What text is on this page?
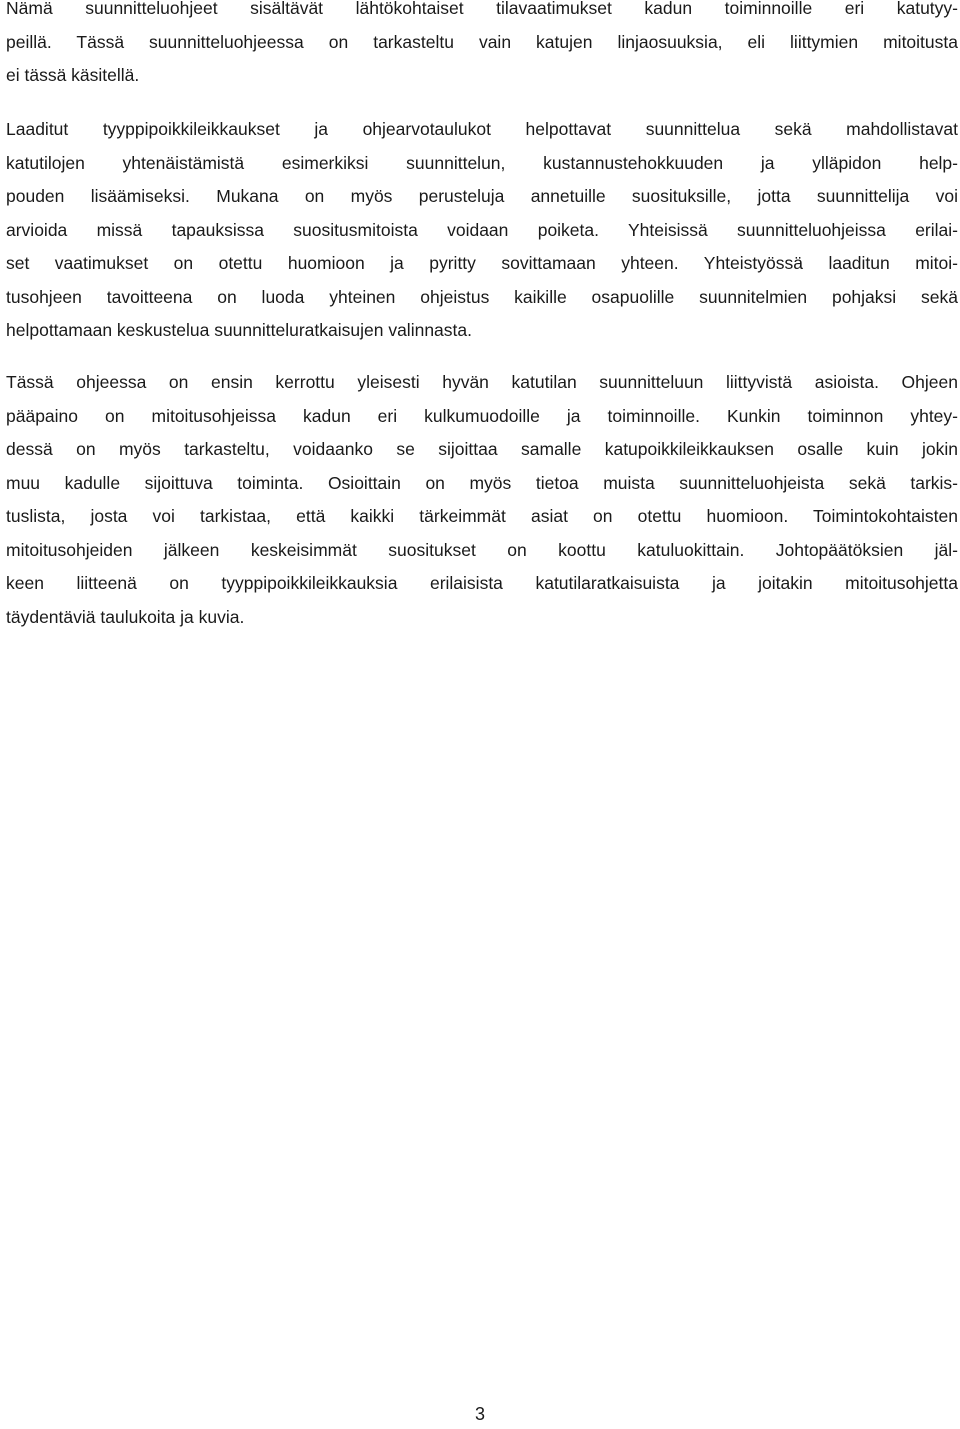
Nämä suunnitteluohjeet sisältävät lähtökohtaiset tilavaatimukset kadun toiminnoille eri katutyy-
peillä. Tässä suunnitteluohjeessa on tarkasteltu vain katujen linjaosuuksia, eli liittymien mitoitusta
ei tässä käsitellä.
Laaditut tyyppipoikkileikkaukset ja ohjearvotaulukot helpottavat suunnittelua sekä mahdollistavat
katutilojen yhtenäistämistä esimerkiksi suunnittelun, kustannustehokkuuden ja ylläpidon help-
pouden lisäämiseksi. Mukana on myös perusteluja annetuille suosituksille, jotta suunnittelija voi
arvioida missä tapauksissa suositusmitoista voidaan poiketa. Yhteisissä suunnitteluohjeissa erilai-
set vaatimukset on otettu huomioon ja pyritty sovittamaan yhteen. Yhteistyössä laaditun mitoi-
tusohjeen tavoitteena on luoda yhteinen ohjeistus kaikille osapuolille suunnitelmien pohjaksi sekä
helpottamaan keskustelua suunnitteluratkaisujen valinnasta.
Tässä ohjeessa on ensin kerrottu yleisesti hyvän katutilan suunnitteluun liittyvistä asioista. Ohjeen
pääpaino on mitoitusohjeissa kadun eri kulkumuodoille ja toiminnoille. Kunkin toiminnon yhtey-
dessä on myös tarkasteltu, voidaanko se sijoittaa samalle katupoikkileikkauksen osalle kuin jokin
muu kadulle sijoittuva toiminta. Osioittain on myös tietoa muista suunnitteluohjeista sekä tarkis-
tuslista, josta voi tarkistaa, että kaikki tärkeimmät asiat on otettu huomioon. Toimintokohtaisten
mitoitusohjeiden jälkeen keskeisimmät suositukset on koottu katuluokittain. Johtopäätöksien jäl-
keen liitteenä on tyyppipoikkileikkauksia erilaisista katutilaratkaisuista ja joitakin mitoitusohjetta
täydentäviä taulukoita ja kuvia.
3
